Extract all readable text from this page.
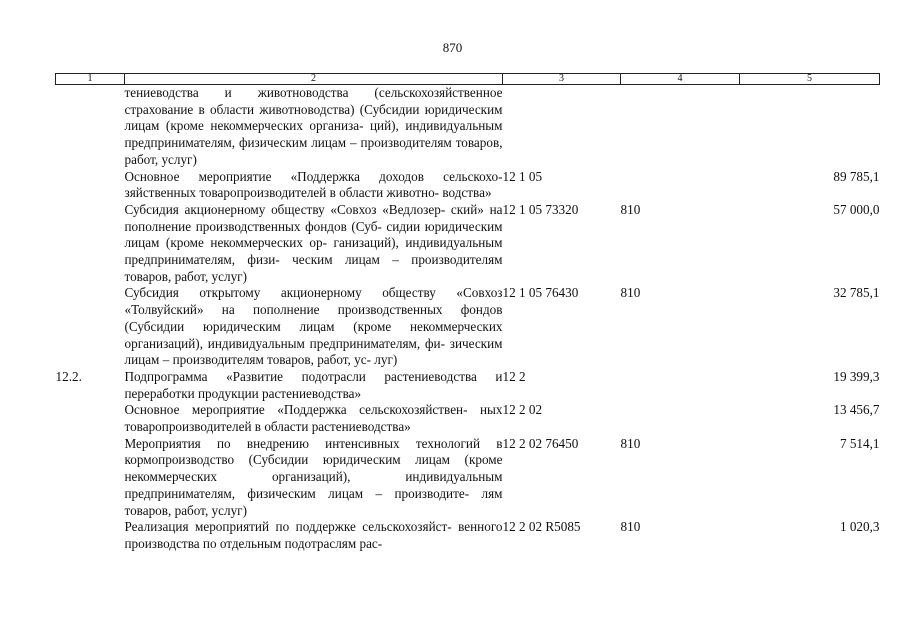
870
1	2	3	4	5
	тениеводства и животноводства (сельскохозяйственное страхование в области животноводства) (Субсидии юридическим лицам (кроме некоммерческих организа- ций), индивидуальным предпринимателям, физическим лицам – производителям товаров, работ, услуг)			
	Основное мероприятие «Поддержка доходов сельскохо- зяйственных товаропроизводителей в области животно- водства»	12 1 05		89 785,1
	Субсидия акционерному обществу «Совхоз «Ведлозер- ский» на пополнение производственных фондов (Суб- сидии юридическим лицам (кроме некоммерческих ор- ганизаций), индивидуальным предпринимателям, физи- ческим лицам – производителям товаров, работ, услуг)	12 1 05 73320	810	57 000,0
	Субсидия открытому акционерному обществу «Совхоз «Толвуйский» на пополнение производственных фондов (Субсидии юридическим лицам (кроме некоммерческих организаций), индивидуальным предпринимателям, фи- зическим лицам – производителям товаров, работ, ус- луг)	12 1 05 76430	810	32 785,1
12.2.	Подпрограмма «Развитие подотрасли растениеводства и переработки продукции растениеводства»	12 2		19 399,3
	Основное мероприятие «Поддержка сельскохозяйствен- ных товаропроизводителей в области растениеводства»	12 2 02		13 456,7
	Мероприятия по внедрению интенсивных технологий в кормопроизводство (Субсидии юридическим лицам (кроме некоммерческих организаций), индивидуальным предпринимателям, физическим лицам – производите- лям товаров, работ, услуг)	12 2 02 76450	810	7 514,1
	Реализация мероприятий по поддержке сельскохозяйст- венного производства по отдельным подотраслям рас-	12 2 02 R5085	810	1 020,3
